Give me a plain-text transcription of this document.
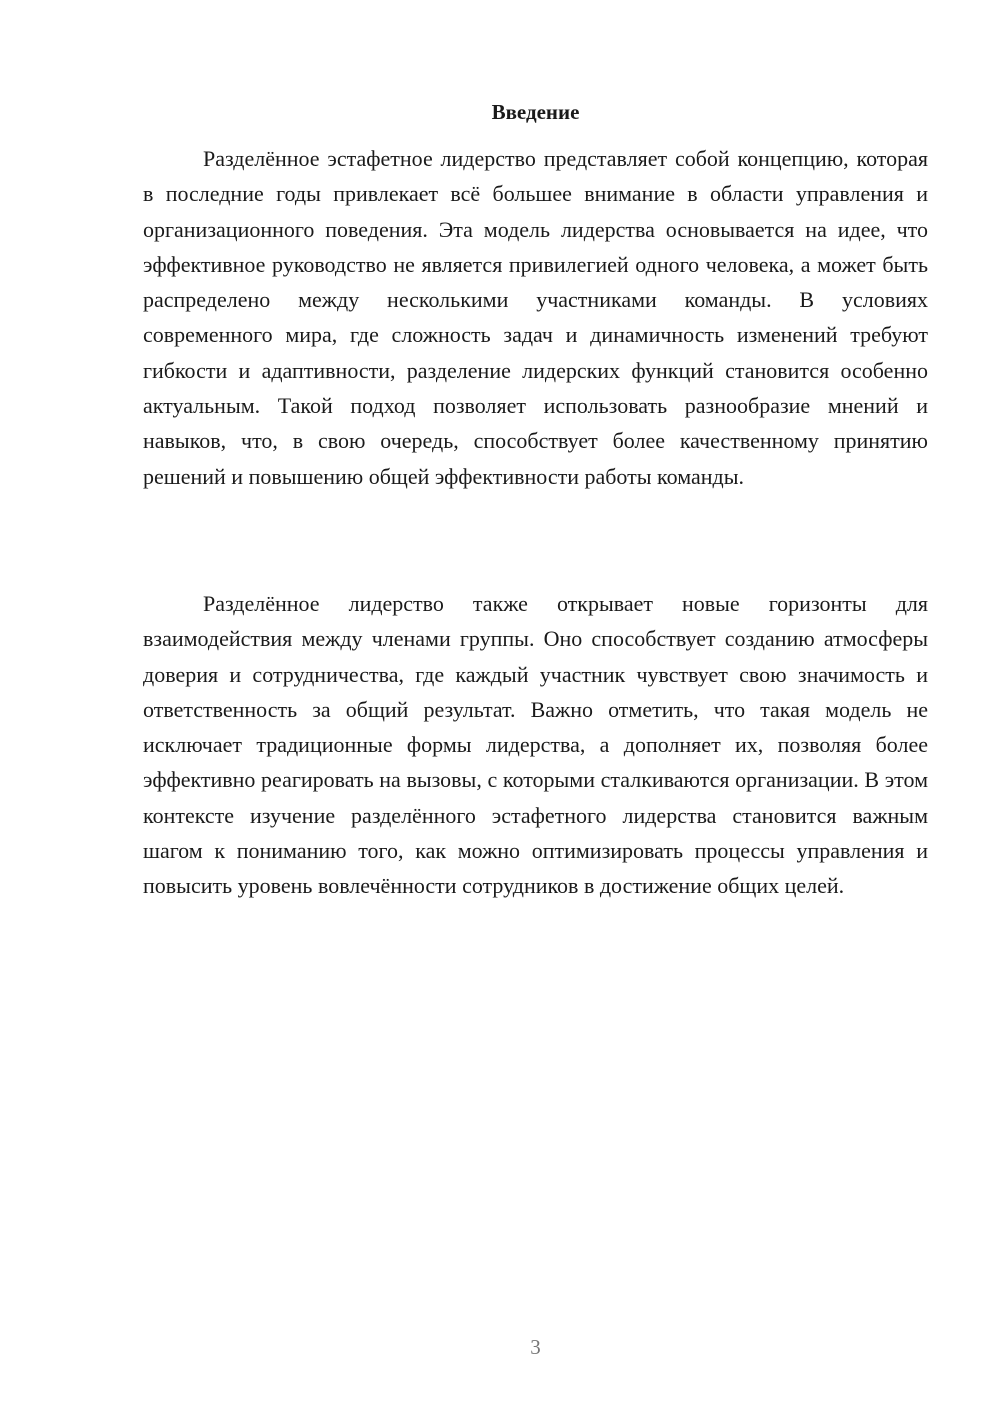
Введение

Разделённое эстафетное лидерство представляет собой концепцию, которая в последние годы привлекает всё большее внимание в области управления и организационного поведения. Эта модель лидерства основывается на идее, что эффективное руководство не является привилегией одного человека, а может быть распределено между несколькими участниками команды. В условиях современного мира, где сложность задач и динамичность изменений требуют гибкости и адаптивности, разделение лидерских функций становится особенно актуальным. Такой подход позволяет использовать разнообразие мнений и навыков, что, в свою очередь, способствует более качественному принятию решений и повышению общей эффективности работы команды.

Разделённое лидерство также открывает новые горизонты для взаимодействия между членами группы. Оно способствует созданию атмосферы доверия и сотрудничества, где каждый участник чувствует свою значимость и ответственность за общий результат. Важно отметить, что такая модель не исключает традиционные формы лидерства, а дополняет их, позволяя более эффективно реагировать на вызовы, с которыми сталкиваются организации. В этом контексте изучение разделённого эстафетного лидерства становится важным шагом к пониманию того, как можно оптимизировать процессы управления и повысить уровень вовлечённости сотрудников в достижение общих целей.

3
